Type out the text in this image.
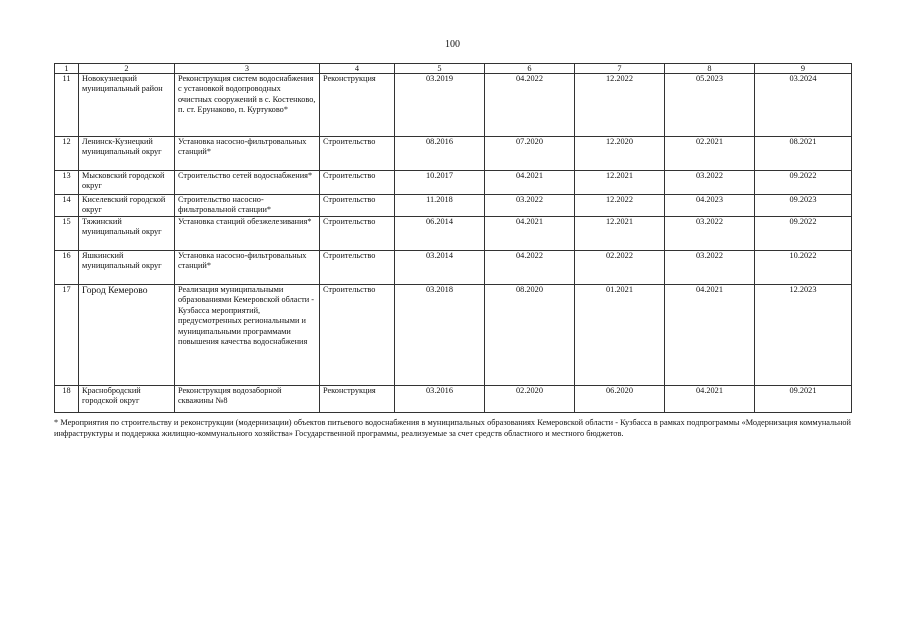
100
1	2	3	4	5	6	7	8	9
11	Новокузнецкий муниципальный район	Реконструкция систем водоснабжения с установкой водопроводных очистных сооружений в с. Костенково, п. ст. Ерунаково, п. Куртуково*	Реконструкция	03.2019	04.2022	12.2022	05.2023	03.2024
12	Ленинск-Кузнецкий муниципальный округ	Установка насосно-фильтровальных станций*	Строительство	08.2016	07.2020	12.2020	02.2021	08.2021
13	Мысковский городской округ	Строительство сетей водоснабжения*	Строительство	10.2017	04.2021	12.2021	03.2022	09.2022
14	Киселевский городской округ	Строительство насосно-фильтровальной станции*	Строительство	11.2018	03.2022	12.2022	04.2023	09.2023
15	Тяжинский муниципальный округ	Установка станций обезжелезивания*	Строительство	06.2014	04.2021	12.2021	03.2022	09.2022
16	Яшкинский муниципальный округ	Установка насосно-фильтровальных станций*	Строительство	03.2014	04.2022	02.2022	03.2022	10.2022
17	Город Кемерово	Реализация муниципальными образованиями Кемеровской области - Кузбасса мероприятий, предусмотренных региональными и муниципальными программами повышения качества водоснабжения	Строительство	03.2018	08.2020	01.2021	04.2021	12.2023
18	Краснобродский городской округ	Реконструкция водозаборной скважины №8	Реконструкция	03.2016	02.2020	06.2020	04.2021	09.2021
* Мероприятия по строительству и реконструкции (модернизации) объектов питьевого водоснабжения в муниципальных образованиях Кемеровской области - Кузбасса в рамках подпрограммы «Модернизация коммунальной инфраструктуры и поддержка жилищно-коммунального хозяйства» Государственной программы, реализуемые за счет средств областного и местного бюджетов.
